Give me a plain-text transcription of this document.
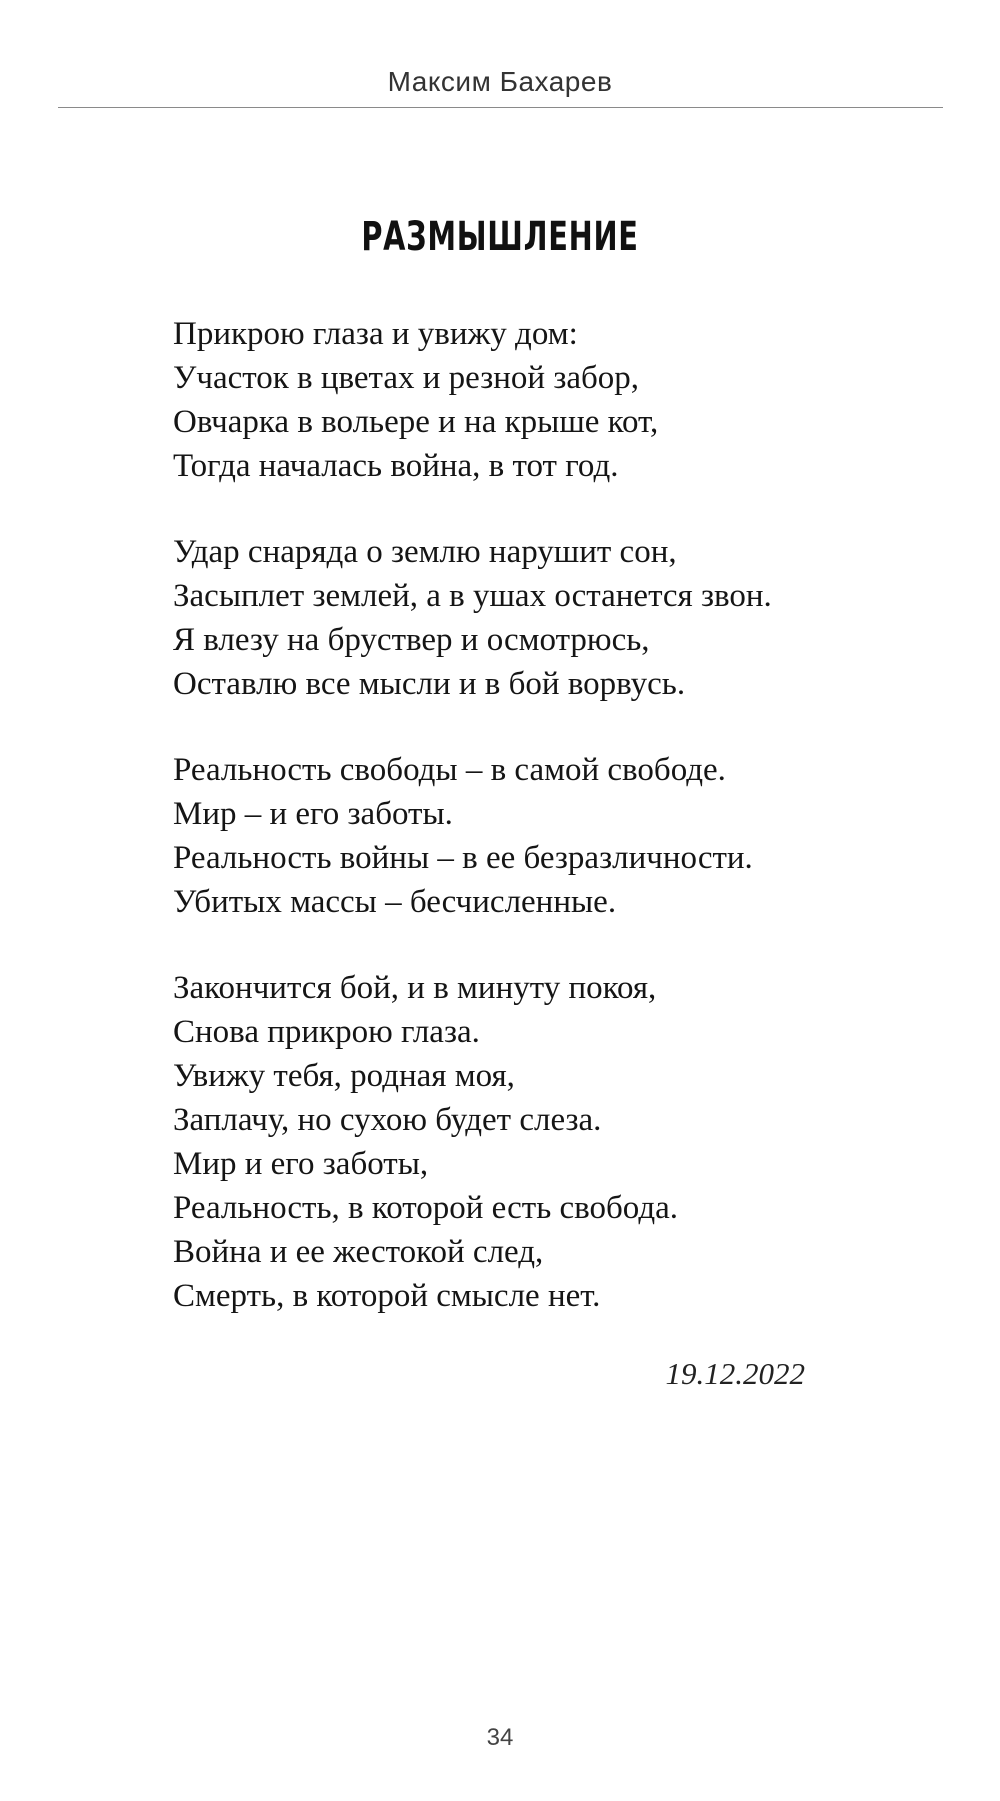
Максим Бахарев
РАЗМЫШЛЕНИЕ
Прикрою глаза и увижу дом:
Участок в цветах и резной забор,
Овчарка в вольере и на крыше кот,
Тогда началась война, в тот год.
Удар снаряда о землю нарушит сон,
Засыплет землей, а в ушах останется звон.
Я влезу на бруствер и осмотрюсь,
Оставлю все мысли и в бой ворвусь.
Реальность свободы – в самой свободе.
Мир – и его заботы.
Реальность войны – в ее безразличности.
Убитых массы – бесчисленные.
Закончится бой, и в минуту покоя,
Снова прикрою глаза.
Увижу тебя, родная моя,
Заплачу, но сухою будет слеза.
Мир и его заботы,
Реальность, в которой есть свобода.
Война и ее жестокой след,
Смерть, в которой смысле нет.
19.12.2022
34
